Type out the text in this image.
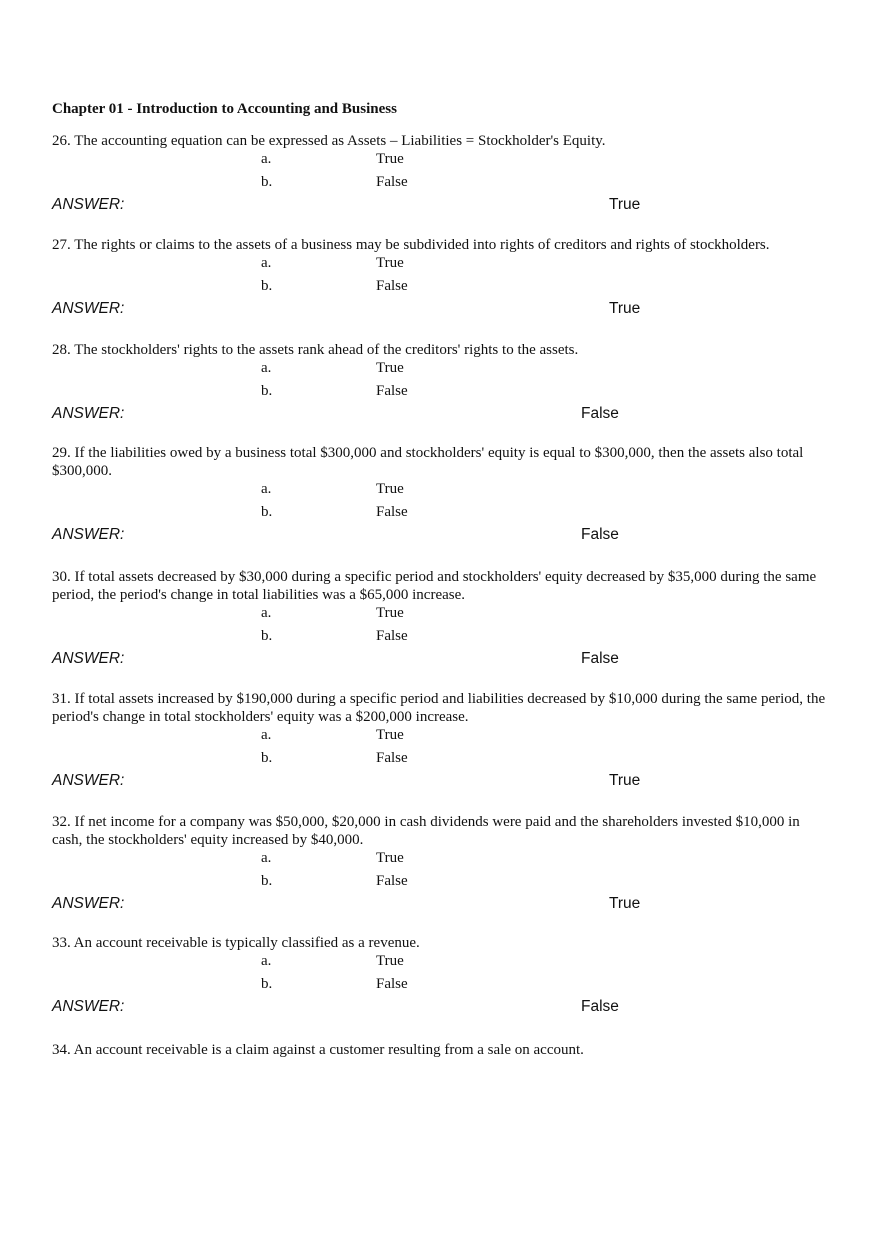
Chapter 01 - Introduction to Accounting and Business

26. The accounting equation can be expressed as Assets – Liabilities = Stockholder's Equity.

a.	True
b.	False
ANSWER:	True

27. The rights or claims to the assets of a business may be subdivided into rights of creditors and rights of stockholders.

a.	True
b.	False
ANSWER:	True

28. The stockholders' rights to the assets rank ahead of the creditors' rights to the assets.

a.	True
b.	False
ANSWER:	False

29. If the liabilities owed by a business total $300,000 and stockholders' equity is equal to $300,000, then the assets also total $300,000.

a.	True
b.	False
ANSWER:	False

30. If total assets decreased by $30,000 during a specific period and stockholders' equity decreased by $35,000 during the same period, the period's change in total liabilities was a $65,000 increase.

a.	True
b.	False
ANSWER:	False

31. If total assets increased by $190,000 during a specific period and liabilities decreased by $10,000 during the same period, the period's change in total stockholders' equity was a $200,000 increase.

a.	True
b.	False
ANSWER:	True

32. If net income for a company was $50,000, $20,000 in cash dividends were paid and the shareholders invested $10,000 in cash, the stockholders' equity increased by $40,000.

a.	True
b.	False
ANSWER:	True

33. An account receivable is typically classified as a revenue.

a.	True
b.	False
ANSWER:	False

34. An account receivable is a claim against a customer resulting from a sale on account.
